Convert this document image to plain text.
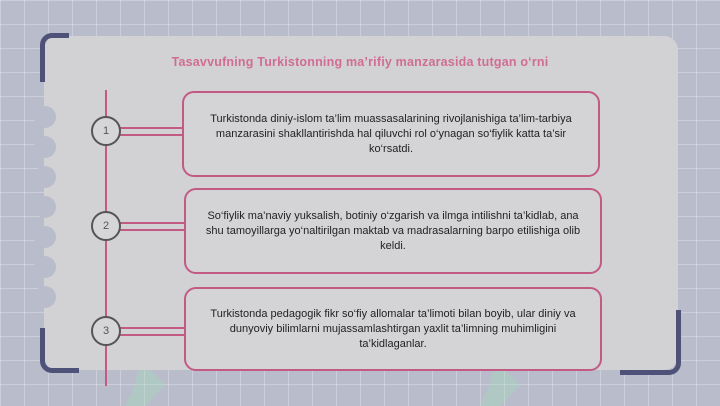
Tasavvufning Turkistonning ma’rifiy manzarasida tutgan o‘rni
1
Turkistonda diniy-islom ta’lim muassasalarining rivojlanishiga ta’lim-tarbiya manzarasini shakllantirishda hal qiluvchi rol o‘ynagan so‘fiylik katta ta’sir ko‘rsatdi.
2
So‘fiylik ma’naviy yuksalish, botiniy o‘zgarish va ilmga intilishni ta’kidlab, ana shu tamoyillarga yo‘naltirilgan maktab va madrasalarning barpo etilishiga olib keldi.
3
Turkistonda pedagogik fikr so‘fiy allomalar ta’limoti bilan boyib, ular diniy va dunyoviy bilimlarni mujassamlashtirgan yaxlit ta’limning muhimligini ta’kidlaganlar.
